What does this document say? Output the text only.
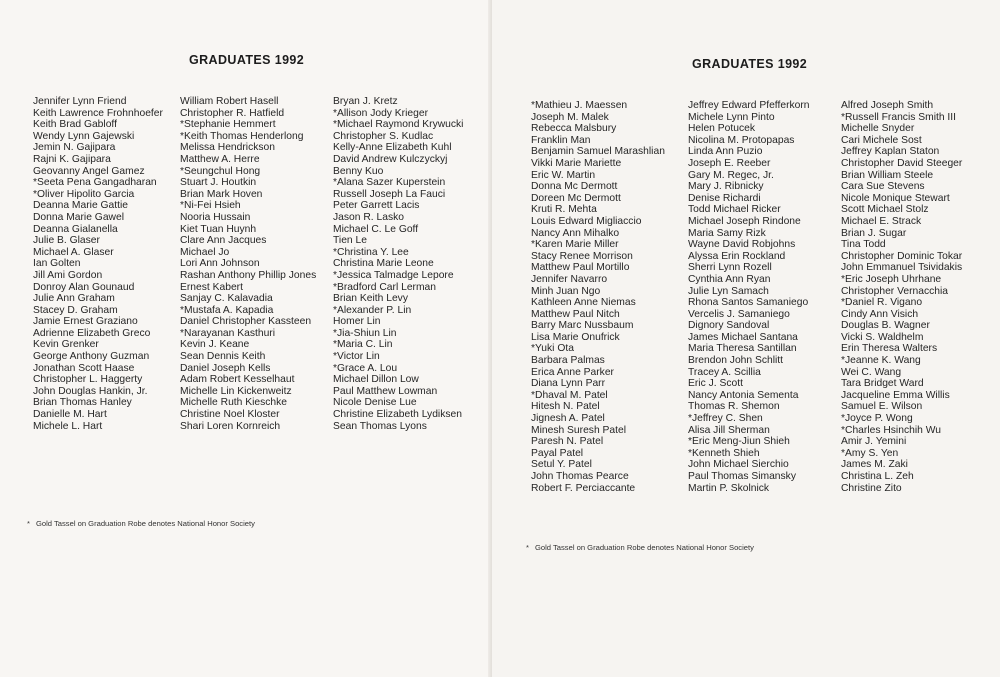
GRADUATES 1992
Jennifer Lynn Friend
Keith Lawrence Frohnhoefer
Keith Brad Gabloff
Wendy Lynn Gajewski
Jemin N. Gajipara
Rajni K. Gajipara
Geovanny Angel Gamez
*Seeta Pena Gangadharan
*Oliver Hipolito Garcia
Deanna Marie Gattie
Donna Marie Gawel
Deanna Gialanella
Julie B. Glaser
Michael A. Glaser
Ian Golten
Jill Ami Gordon
Donroy Alan Gounaud
Julie Ann Graham
Stacey D. Graham
Jamie Ernest Graziano
Adrienne Elizabeth Greco
Kevin Grenker
George Anthony Guzman
Jonathan Scott Haase
Christopher L. Haggerty
John Douglas Hankin, Jr.
Brian Thomas Hanley
Danielle M. Hart
Michele L. Hart
William Robert Hasell
Christopher R. Hatfield
*Stephanie Hemmert
*Keith Thomas Henderlong
Melissa Hendrickson
Matthew A. Herre
*Seungchul Hong
Stuart J. Houtkin
Brian Mark Hoven
*Ni-Fei Hsieh
Nooria Hussain
Kiet Tuan Huynh
Clare Ann Jacques
Michael Jo
Lori Ann Johnson
Rashan Anthony Phillip Jones
Ernest Kabert
Sanjay C. Kalavadia
*Mustafa A. Kapadia
Daniel Christopher Kassteen
*Narayanan Kasthuri
Kevin J. Keane
Sean Dennis Keith
Daniel Joseph Kells
Adam Robert Kesselhaut
Michelle Lin Kickenweitz
Michelle Ruth Kieschke
Christine Noel Kloster
Shari Loren Kornreich
Bryan J. Kretz
*Allison Jody Krieger
*Michael Raymond Krywucki
Christopher S. Kudlac
Kelly-Anne Elizabeth Kuhl
David Andrew Kulczyckyj
Benny Kuo
*Alana Sazer Kuperstein
Russell Joseph La Fauci
Peter Garrett Lacis
Jason R. Lasko
Michael C. Le Goff
Tien Le
*Christina Y. Lee
Christina Marie Leone
*Jessica Talmadge Lepore
*Bradford Carl Lerman
Brian Keith Levy
*Alexander P. Lin
Homer Lin
*Jia-Shiun Lin
*Maria C. Lin
*Victor Lin
*Grace A. Lou
Michael Dillon Low
Paul Matthew Lowman
Nicole Denise Lue
Christine Elizabeth Lydiksen
Sean Thomas Lyons

* Gold Tassel on Graduation Robe denotes National Honor Society

GRADUATES 1992
*Mathieu J. Maessen
Joseph M. Malek
Rebecca Malsbury
Franklin Man
Benjamin Samuel Marashlian
Vikki Marie Mariette
Eric W. Martin
Donna Mc Dermott
Doreen Mc Dermott
Kruti R. Mehta
Louis Edward Migliaccio
Nancy Ann Mihalko
*Karen Marie Miller
Stacy Renee Morrison
Matthew Paul Mortillo
Jennifer Navarro
Minh Juan Ngo
Kathleen Anne Niemas
Matthew Paul Nitch
Barry Marc Nussbaum
Lisa Marie Onufrick
*Yuki Ota
Barbara Palmas
Erica Anne Parker
Diana Lynn Parr
*Dhaval M. Patel
Hitesh N. Patel
Jignesh A. Patel
Minesh Suresh Patel
Paresh N. Patel
Payal Patel
Setul Y. Patel
John Thomas Pearce
Robert F. Perciaccante
Jeffrey Edward Pfefferkorn
Michele Lynn Pinto
Helen Potucek
Nicolina M. Protopapas
Linda Ann Puzio
Joseph E. Reeber
Gary M. Regec, Jr.
Mary J. Ribnicky
Denise Richardi
Todd Michael Ricker
Michael Joseph Rindone
Maria Samy Rizk
Wayne David Robjohns
Alyssa Erin Rockland
Sherri Lynn Rozell
Cynthia Ann Ryan
Julie Lyn Samach
Rhona Santos Samaniego
Vercelis J. Samaniego
Dignory Sandoval
James Michael Santana
Maria Theresa Santillan
Brendon John Schlitt
Tracey A. Scillia
Eric J. Scott
Nancy Antonia Sementa
Thomas R. Shemon
*Jeffrey C. Shen
Alisa Jill Sherman
*Eric Meng-Jiun Shieh
*Kenneth Shieh
John Michael Sierchio
Paul Thomas Simansky
Martin P. Skolnick
Alfred Joseph Smith
*Russell Francis Smith III
Michelle Snyder
Cari Michele Sost
Jeffrey Kaplan Staton
Christopher David Steeger
Brian William Steele
Cara Sue Stevens
Nicole Monique Stewart
Scott Michael Stolz
Michael E. Strack
Brian J. Sugar
Tina Todd
Christopher Dominic Tokar
John Emmanuel Tsividakis
*Eric Joseph Uhrhane
Christopher Vernacchia
*Daniel R. Vigano
Cindy Ann Visich
Douglas B. Wagner
Vicki S. Waldhelm
Erin Theresa Walters
*Jeanne K. Wang
Wei C. Wang
Tara Bridget Ward
Jacqueline Emma Willis
Samuel E. Wilson
*Joyce P. Wong
*Charles Hsinchih Wu
Amir J. Yemini
*Amy S. Yen
James M. Zaki
Christina L. Zeh
Christine Zito

* Gold Tassel on Graduation Robe denotes National Honor Society
